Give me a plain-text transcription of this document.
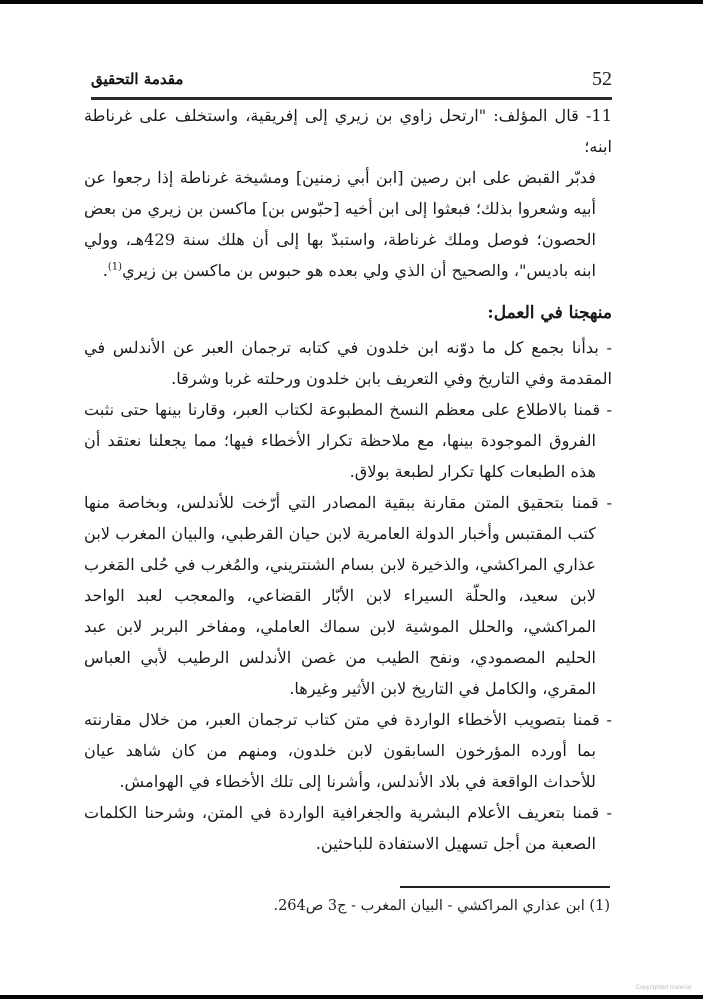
52
مقدمة التحقيق

11- قال المؤلف: "ارتحل زاوي بن زيري إلى إفريقية، واستخلف على غرناطة ابنه؛
فدبّر القبض على ابن رصين [ابن أبي زمنين] ومشيخة غرناطة إذا رجعوا عن أبيه وشعروا بذلك؛ فبعثوا إلى ابن أخيه [حبّوس بن] ماكسن بن زيري من بعض الحصون؛ فوصل وملك غرناطة، واستبدّ بها إلى أن هلك سنة 429هـ، وولي ابنه باديس"، والصحيح أن الذي ولي بعده هو حبوس بن ماكسن بن زيري$^{(1)}$.

منهجنا في العمل:

- بدأنا بجمع كل ما دوّنه ابن خلدون في كتابه ترجمان العبر عن الأندلس في المقدمة وفي التاريخ وفي التعريف بابن خلدون ورحلته غربا وشرقا.

- قمنا بالاطلاع على معظم النسخ المطبوعة لكتاب العبر، وقارنا بينها حتى نثبت الفروق الموجودة بينها، مع ملاحظة تكرار الأخطاء فيها؛ مما يجعلنا نعتقد أن هذه الطبعات كلها تكرار لطبعة بولاق.

- قمنا بتحقيق المتن مقارنة ببقية المصادر التي أرّخت للأندلس، وبخاصة منها كتب المقتبس وأخبار الدولة العامرية لابن حيان القرطبي، والبيان المغرب لابن عذاري المراكشي، والذخيرة لابن بسام الشنتريني، والمُغرب في حُلى المَغرب لابن سعيد، والحلّة السيراء لابن الأبّار القضاعي، والمعجب لعبد الواحد المراكشي، والحلل الموشية لابن سماك العاملي، ومفاخر البربر لابن عبد الحليم المصمودي، ونفح الطيب من غصن الأندلس الرطيب لأبي العباس المقري، والكامل في التاريخ لابن الأثير وغيرها.

- قمنا بتصويب الأخطاء الواردة في متن كتاب ترجمان العبر، من خلال مقارنته بما أورده المؤرخون السابقون لابن خلدون، ومنهم من كان شاهد عيان للأحداث الواقعة في بلاد الأندلس، وأشرنا إلى تلك الأخطاء في الهوامش.

- قمنا بتعريف الأعلام البشرية والجغرافية الواردة في المتن، وشرحنا الكلمات الصعبة من أجل تسهيل الاستفادة للباحثين.

(1) ابن عذاري المراكشي - البيان المغرب - ج3 ص264.
Copyrighted material
